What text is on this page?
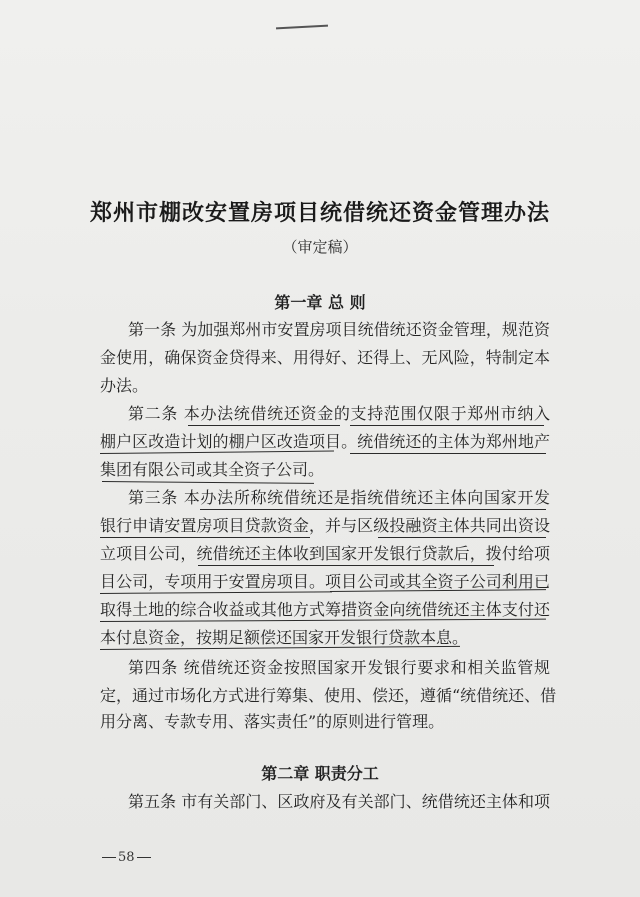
郑州市棚改安置房项目统借统还资金管理办法
（审定稿）
第一章 总 则
第一条 为加强郑州市安置房项目统借统还资金管理，规范资
金使用，确保资金贷得来、用得好、还得上、无风险，特制定本
办法。
第二条 本办法统借统还资金的支持范围仅限于郑州市纳入
棚户区改造计划的棚户区改造项目。统借统还的主体为郑州地产
集团有限公司或其全资子公司。
第三条 本办法所称统借统还是指统借统还主体向国家开发
银行申请安置房项目贷款资金，并与区级投融资主体共同出资设
立项目公司，统借统还主体收到国家开发银行贷款后，拨付给项
目公司，专项用于安置房项目。项目公司或其全资子公司利用已
取得土地的综合收益或其他方式筹措资金向统借统还主体支付还
本付息资金，按期足额偿还国家开发银行贷款本息。
第四条 统借统还资金按照国家开发银行要求和相关监管规
定，通过市场化方式进行筹集、使用、偿还，遵循“统借统还、借
用分离、专款专用、落实责任”的原则进行管理。
第二章 职责分工
第五条 市有关部门、区政府及有关部门、统借统还主体和项
58
